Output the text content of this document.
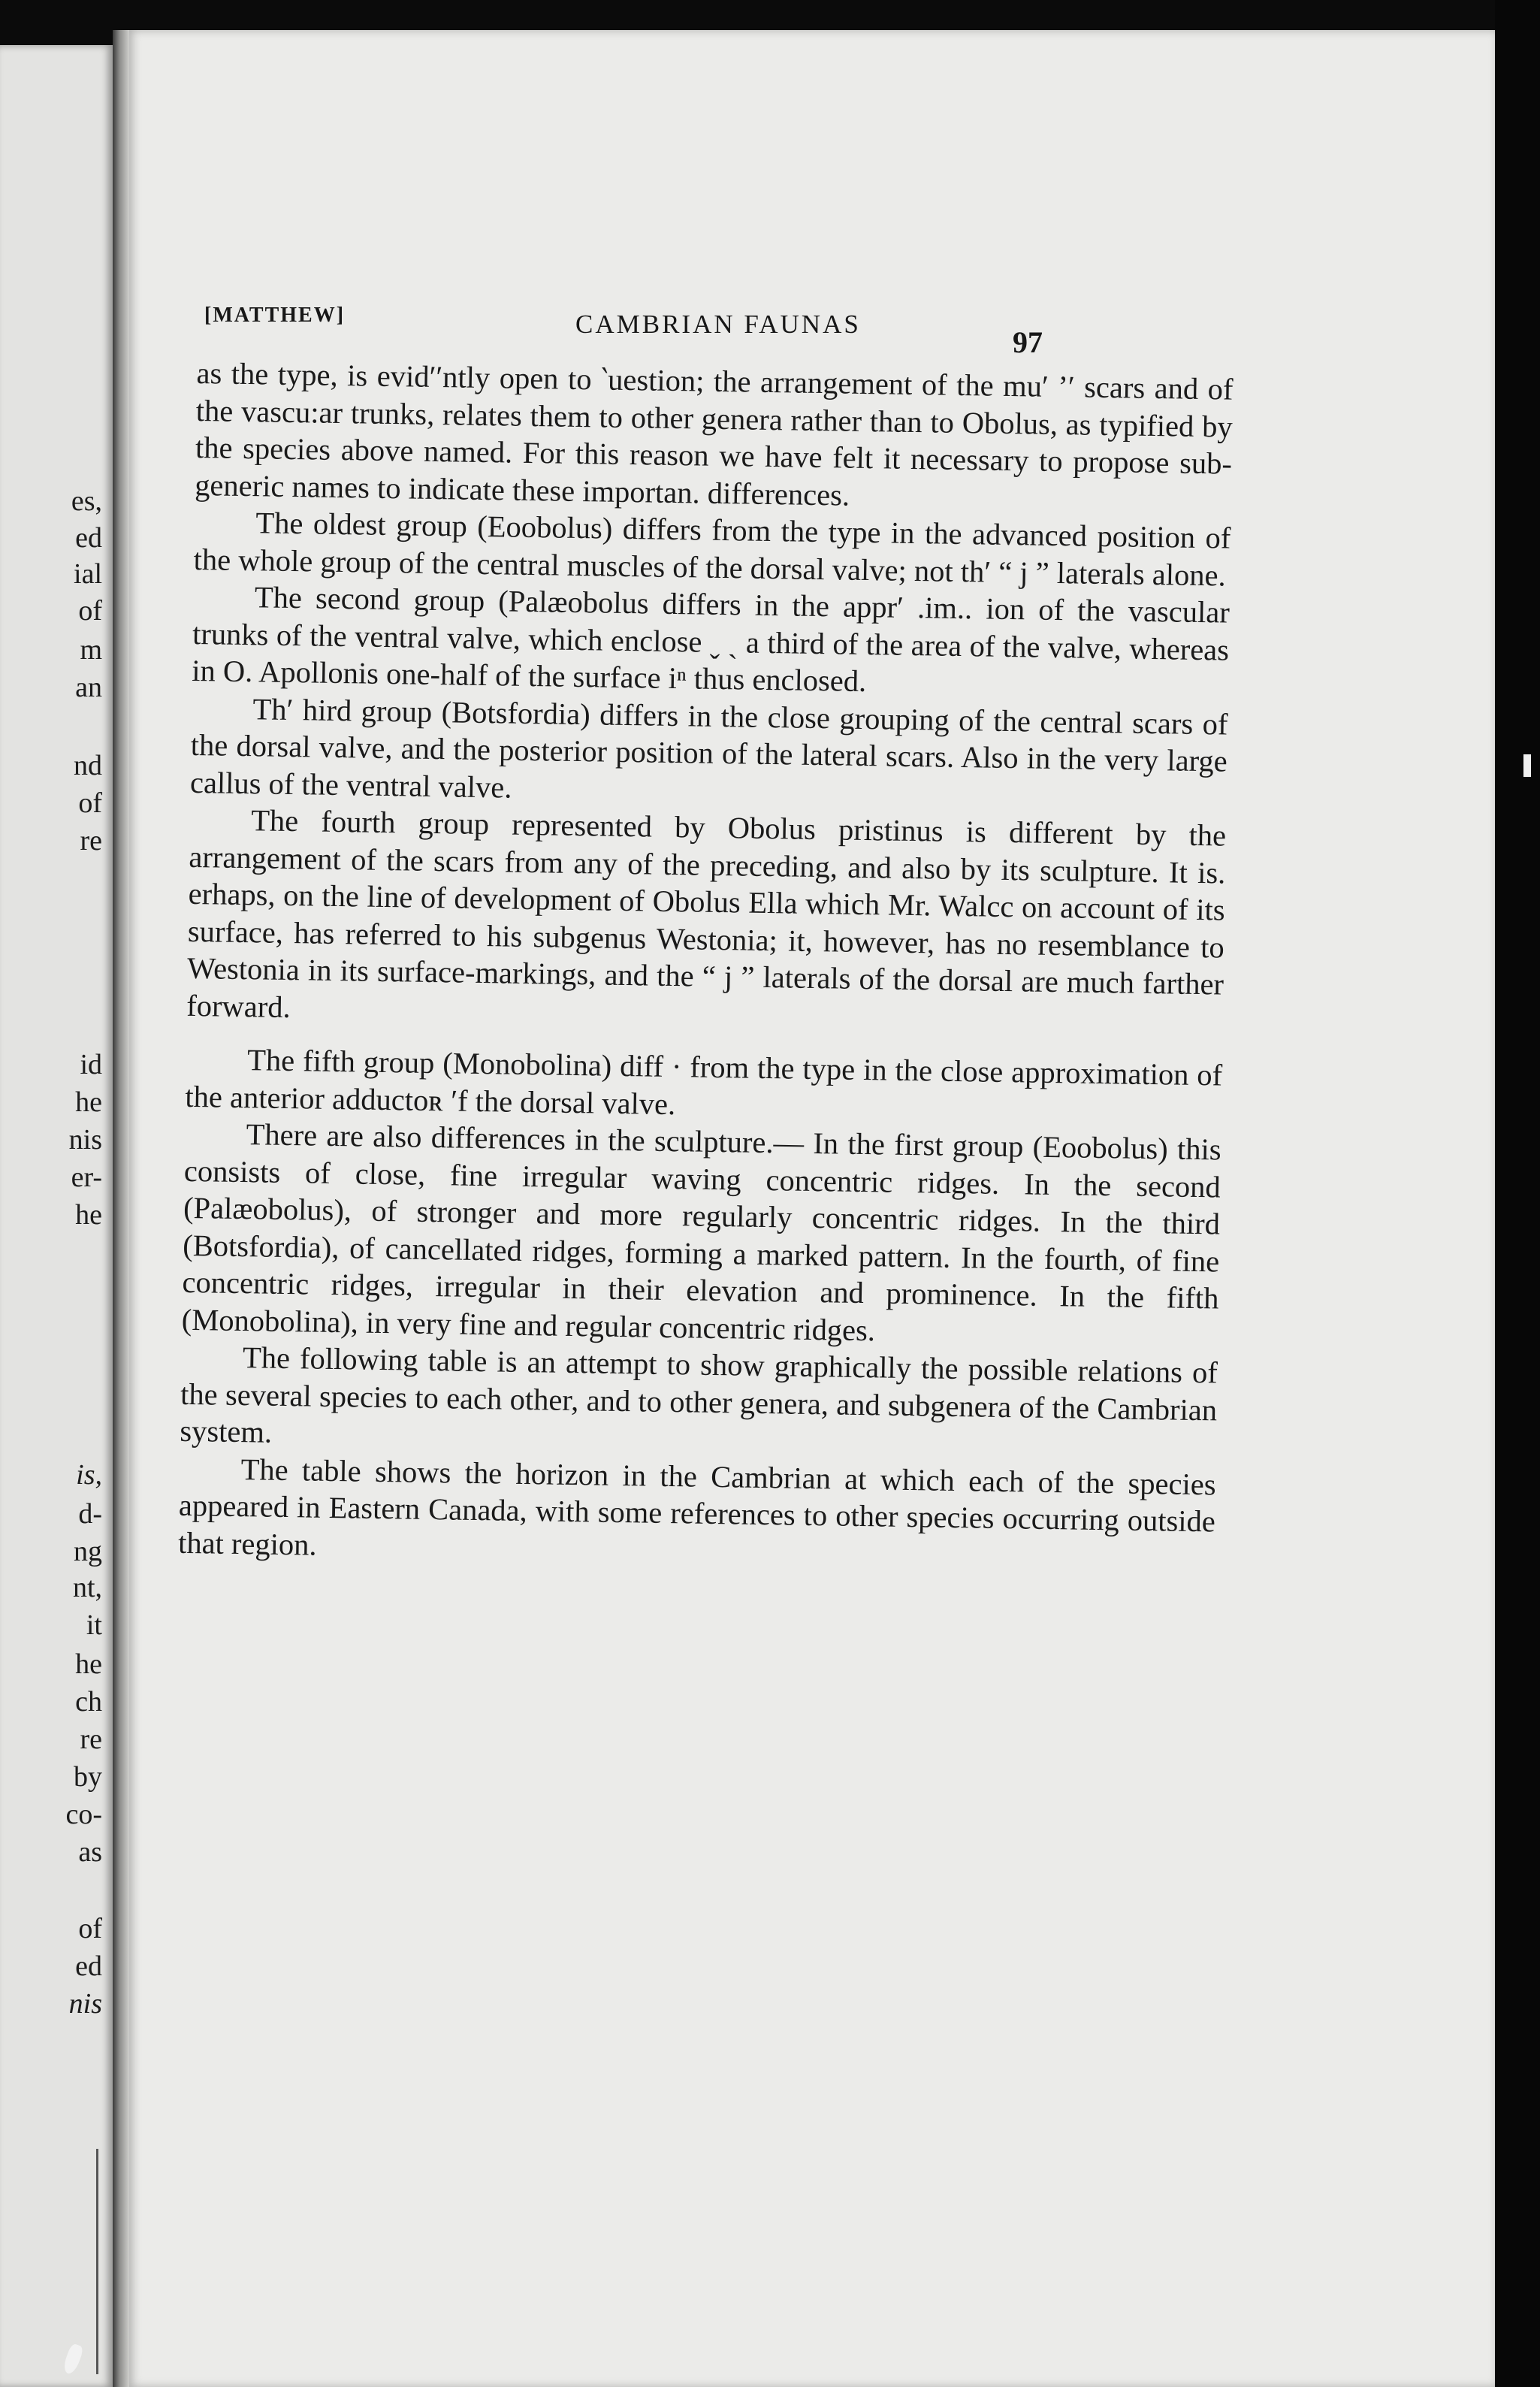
es,
ed
ial
of
m
an
nd
of
re
id
he
nis
er-
he
is,
d-
ng
nt,
it
he
ch
re
by
co-
as
of
ed
nis
[MATTHEW]	CAMBRIAN FAUNAS
97

as the type, is evid′′ntly open to ‵uestion; the arrangement of the mu′ ’′ scars and of the vascu:ar trunks, relates them to other genera rather than to Obolus, as typified by the species above named. For this reason we have felt it necessary to propose sub-generic names to indicate these importan. differences.

The oldest group (Eoobolus) differs from the type in the advanced position of the whole group of the central muscles of the dorsal valve; not th′ “ j ” laterals alone.

The second group (Palæobolus differs in the appr′ .im.. ion of the vascular trunks of the ventral valve, which enclose ˬ ˎ a third of the area of the valve, whereas in O. Apollonis one-half of the surface iⁿ thus enclosed.

Th′ hird group (Botsfordia) differs in the close grouping of the central scars of the dorsal valve, and the posterior position of the lateral scars. Also in the very large callus of the ventral valve.

The fourth group represented by Obolus pristinus is different by the arrangement of the scars from any of the preceding, and also by its sculpture. It is. erhaps, on the line of development of Obolus Ella which Mr. Walcc on account of its surface, has referred to his subgenus Westonia; it, however, has no resemblance to Westonia in its surface-markings, and the “ j ” laterals of the dorsal are much farther forward.

The fifth group (Monobolina) diff · from the type in the close approximation of the anterior adductoʀ ′f the dorsal valve.

There are also differences in the sculpture.— In the first group (Eoobolus) this consists of close, fine irregular waving concentric ridges. In the second (Palæobolus), of stronger and more regularly concentric ridges. In the third (Botsfordia), of cancellated ridges, forming a marked pattern. In the fourth, of fine concentric ridges, irregular in their elevation and prominence. In the fifth (Monobolina), in very fine and regular concentric ridges.

The following table is an attempt to show graphically the possible relations of the several species to each other, and to other genera, and subgenera of the Cambrian system.

The table shows the horizon in the Cambrian at which each of the species appeared in Eastern Canada, with some references to other species occurring outside that region.
